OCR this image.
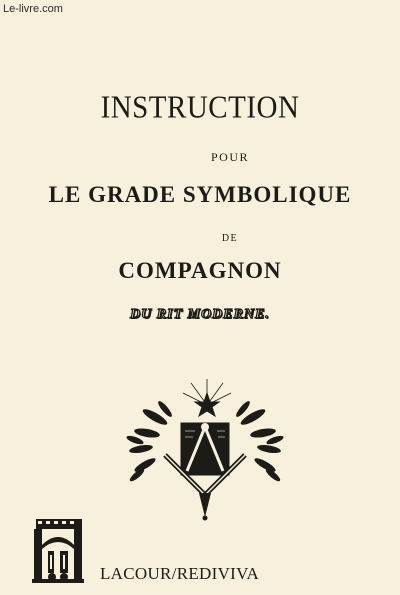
Le-livre.com
INSTRUCTION
POUR
LE GRADE SYMBOLIQUE
DE
COMPAGNON
DU RIT MODERNE.
LACOUR/REDIVIVA
